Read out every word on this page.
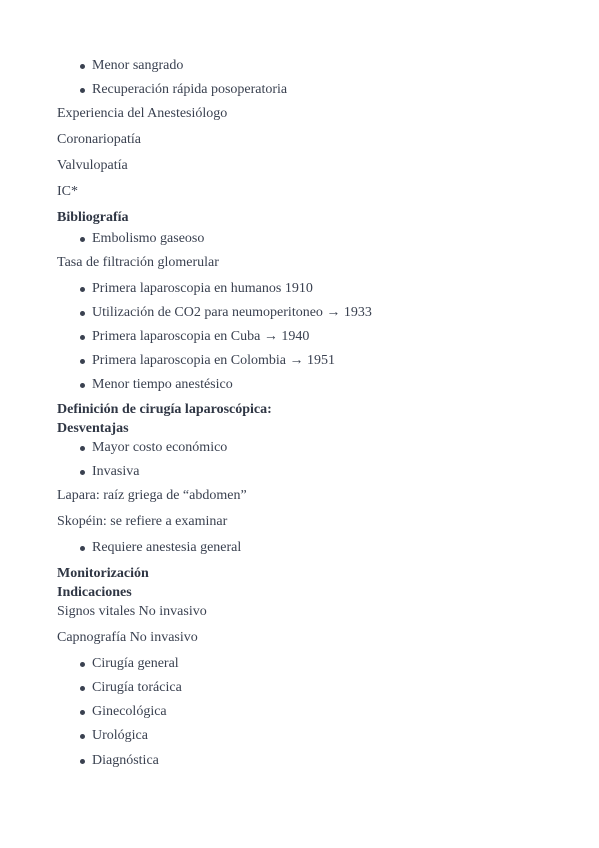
Menor sangrado
Recuperación rápida posoperatoria
Experiencia del Anestesiólogo
Coronariopatía
Valvulopatía
IC*
Bibliografía
Embolismo gaseoso
Tasa de filtración glomerular
Primera laparoscopia en humanos 1910
Utilización de CO2 para neumoperitoneo → 1933
Primera laparoscopia en Cuba → 1940
Primera laparoscopia en Colombia → 1951
Menor tiempo anestésico
Definición de cirugía laparoscópica:
Desventajas
Mayor costo económico
Invasiva
Lapara: raíz griega de “abdomen”
Skopéin: se refiere a examinar
Requiere anestesia general
Monitorización
Indicaciones
Signos vitales No invasivo
Capnografía No invasivo
Cirugía general
Cirugía torácica
Ginecológica
Urológica
Diagnóstica
